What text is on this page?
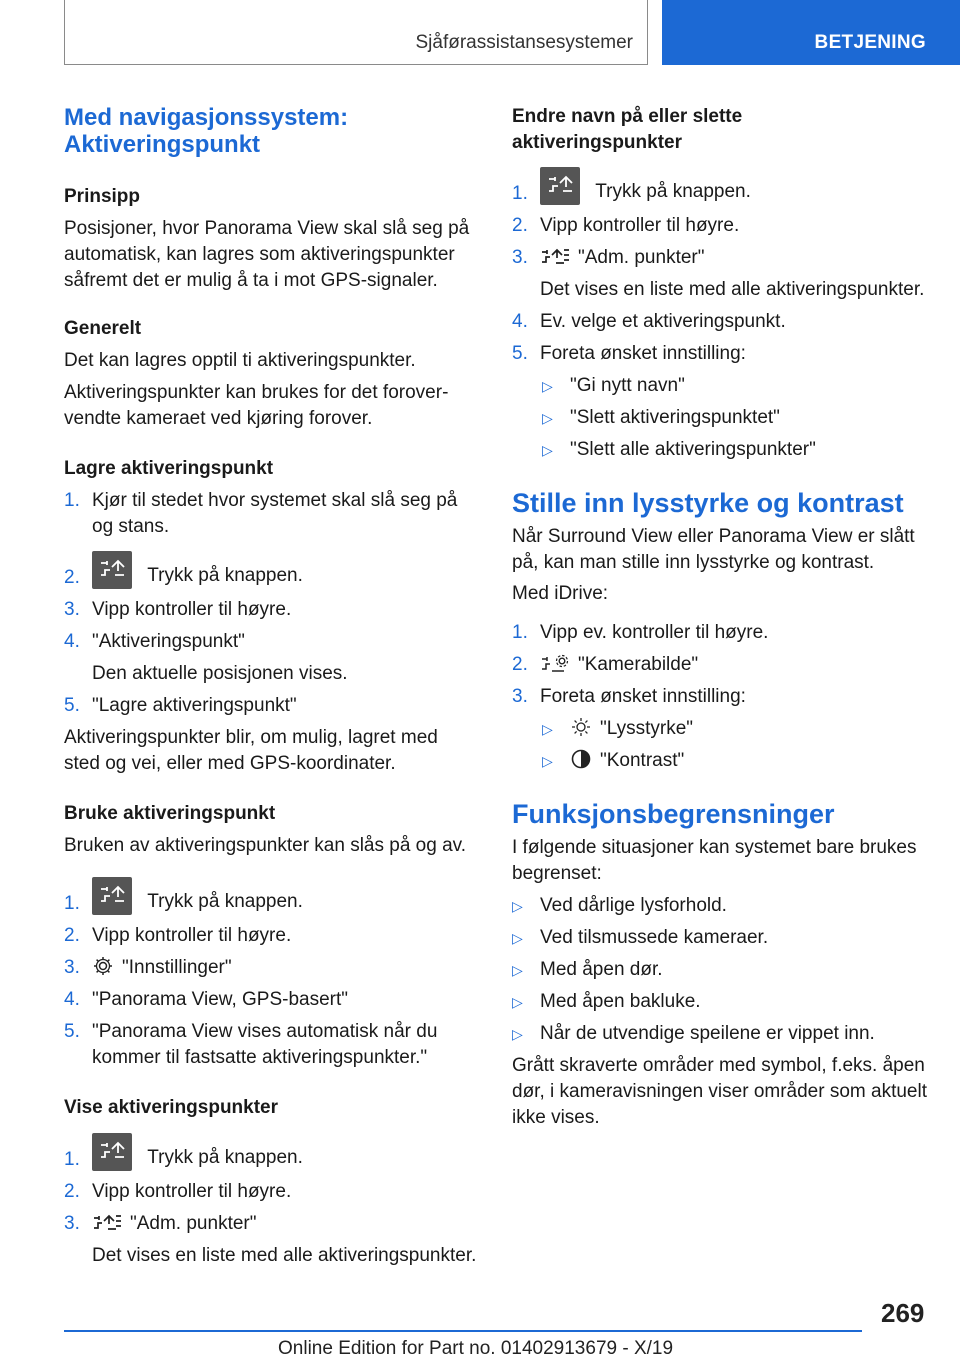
Sjåførassistansesystemer	BETJENING
Med navigasjonssystem:
Aktiveringspunkt
Prinsipp
Posisjoner, hvor Panorama View skal slå seg på
automatisk, kan lagres som aktiveringspunkter
såfremt det er mulig å ta i mot GPS-signaler.
Generelt
Det kan lagres opptil ti aktiveringspunkter.
Aktiveringspunkter kan brukes for det forover-
vendte kameraet ved kjøring forover.
Lagre aktiveringspunkt
1. Kjør til stedet hvor systemet skal slå seg på
og stans.
2.	Trykk på knappen.
3. Vipp kontroller til høyre.
4. "Aktiveringspunkt"
Den aktuelle posisjonen vises.
5. "Lagre aktiveringspunkt"
Aktiveringspunkter blir, om mulig, lagret med
sted og vei, eller med GPS-koordinater.
Bruke aktiveringspunkt
Bruken av aktiveringspunkter kan slås på og av.
1.	Trykk på knappen.
2. Vipp kontroller til høyre.
3.	"Innstillinger"
4. "Panorama View, GPS-basert"
5. "Panorama View vises automatisk når du
kommer til fastsatte aktiveringspunkter."
Vise aktiveringspunkter
1.	Trykk på knappen.
2. Vipp kontroller til høyre.
3.	"Adm. punkter"
Det vises en liste med alle aktiveringspunkter.
Endre navn på eller slette
aktiveringspunkter
1.	Trykk på knappen.
2. Vipp kontroller til høyre.
3.	"Adm. punkter"
Det vises en liste med alle aktiveringspunkter.
4. Ev. velge et aktiveringspunkt.
5. Foreta ønsket innstilling:
▷ "Gi nytt navn"
▷ "Slett aktiveringspunktet"
▷ "Slett alle aktiveringspunkter"
Stille inn lysstyrke og kontrast
Når Surround View eller Panorama View er slått
på, kan man stille inn lysstyrke og kontrast.
Med iDrive:
1. Vipp ev. kontroller til høyre.
2.	"Kamerabilde"
3. Foreta ønsket innstilling:
▷	"Lysstyrke"
▷	"Kontrast"
Funksjonsbegrensninger
I følgende situasjoner kan systemet bare brukes
begrenset:
▷ Ved dårlige lysforhold.
▷ Ved tilsmussede kameraer.
▷ Med åpen dør.
▷ Med åpen bakluke.
▷ Når de utvendige speilene er vippet inn.
Grått skraverte områder med symbol, f.eks. åpen
dør, i kameravisningen viser områder som aktuelt
ikke vises.
269
Online Edition for Part no. 01402913679 - X/19
